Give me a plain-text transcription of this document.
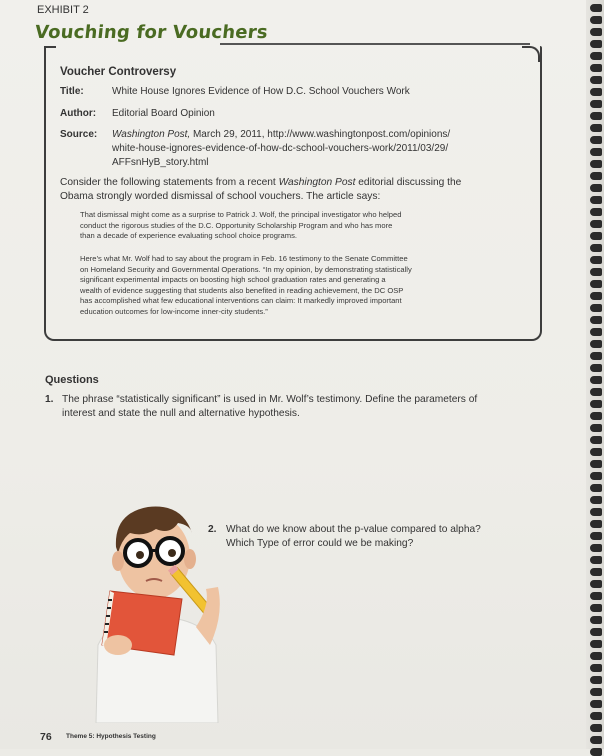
EXHIBIT 2
Vouching for Vouchers
Voucher Controversy
Title:	White House Ignores Evidence of How D.C. School Vouchers Work
Author: Editorial Board Opinion
Source: Washington Post, March 29, 2011, http://www.washingtonpost.com/opinions/
white-house-ignores-evidence-of-how-dc-school-vouchers-work/2011/03/29/
AFFsnHyB_story.html
Consider the following statements from a recent Washington Post editorial discussing the
Obama strongly worded dismissal of school vouchers. The article says:
That dismissal might come as a surprise to Patrick J. Wolf, the principal investigator who helped
conduct the rigorous studies of the D.C. Opportunity Scholarship Program and who has more
than a decade of experience evaluating school choice programs.
Here’s what Mr. Wolf had to say about the program in Feb. 16 testimony to the Senate Committee
on Homeland Security and Governmental Operations. “In my opinion, by demonstrating statistically
significant experimental impacts on boosting high school graduation rates and generating a
wealth of evidence suggesting that students also benefited in reading achievement, the DC OSP
has accomplished what few educational interventions can claim: It markedly improved important
education outcomes for low-income inner-city students.”
Questions
1. The phrase “statistically significant” is used in Mr. Wolf’s testimony. Define the parameters of
interest and state the null and alternative hypothesis.
2. What do we know about the p-value compared to alpha?
Which Type of error could we be making?
76 Theme 5: Hypothesis Testing
